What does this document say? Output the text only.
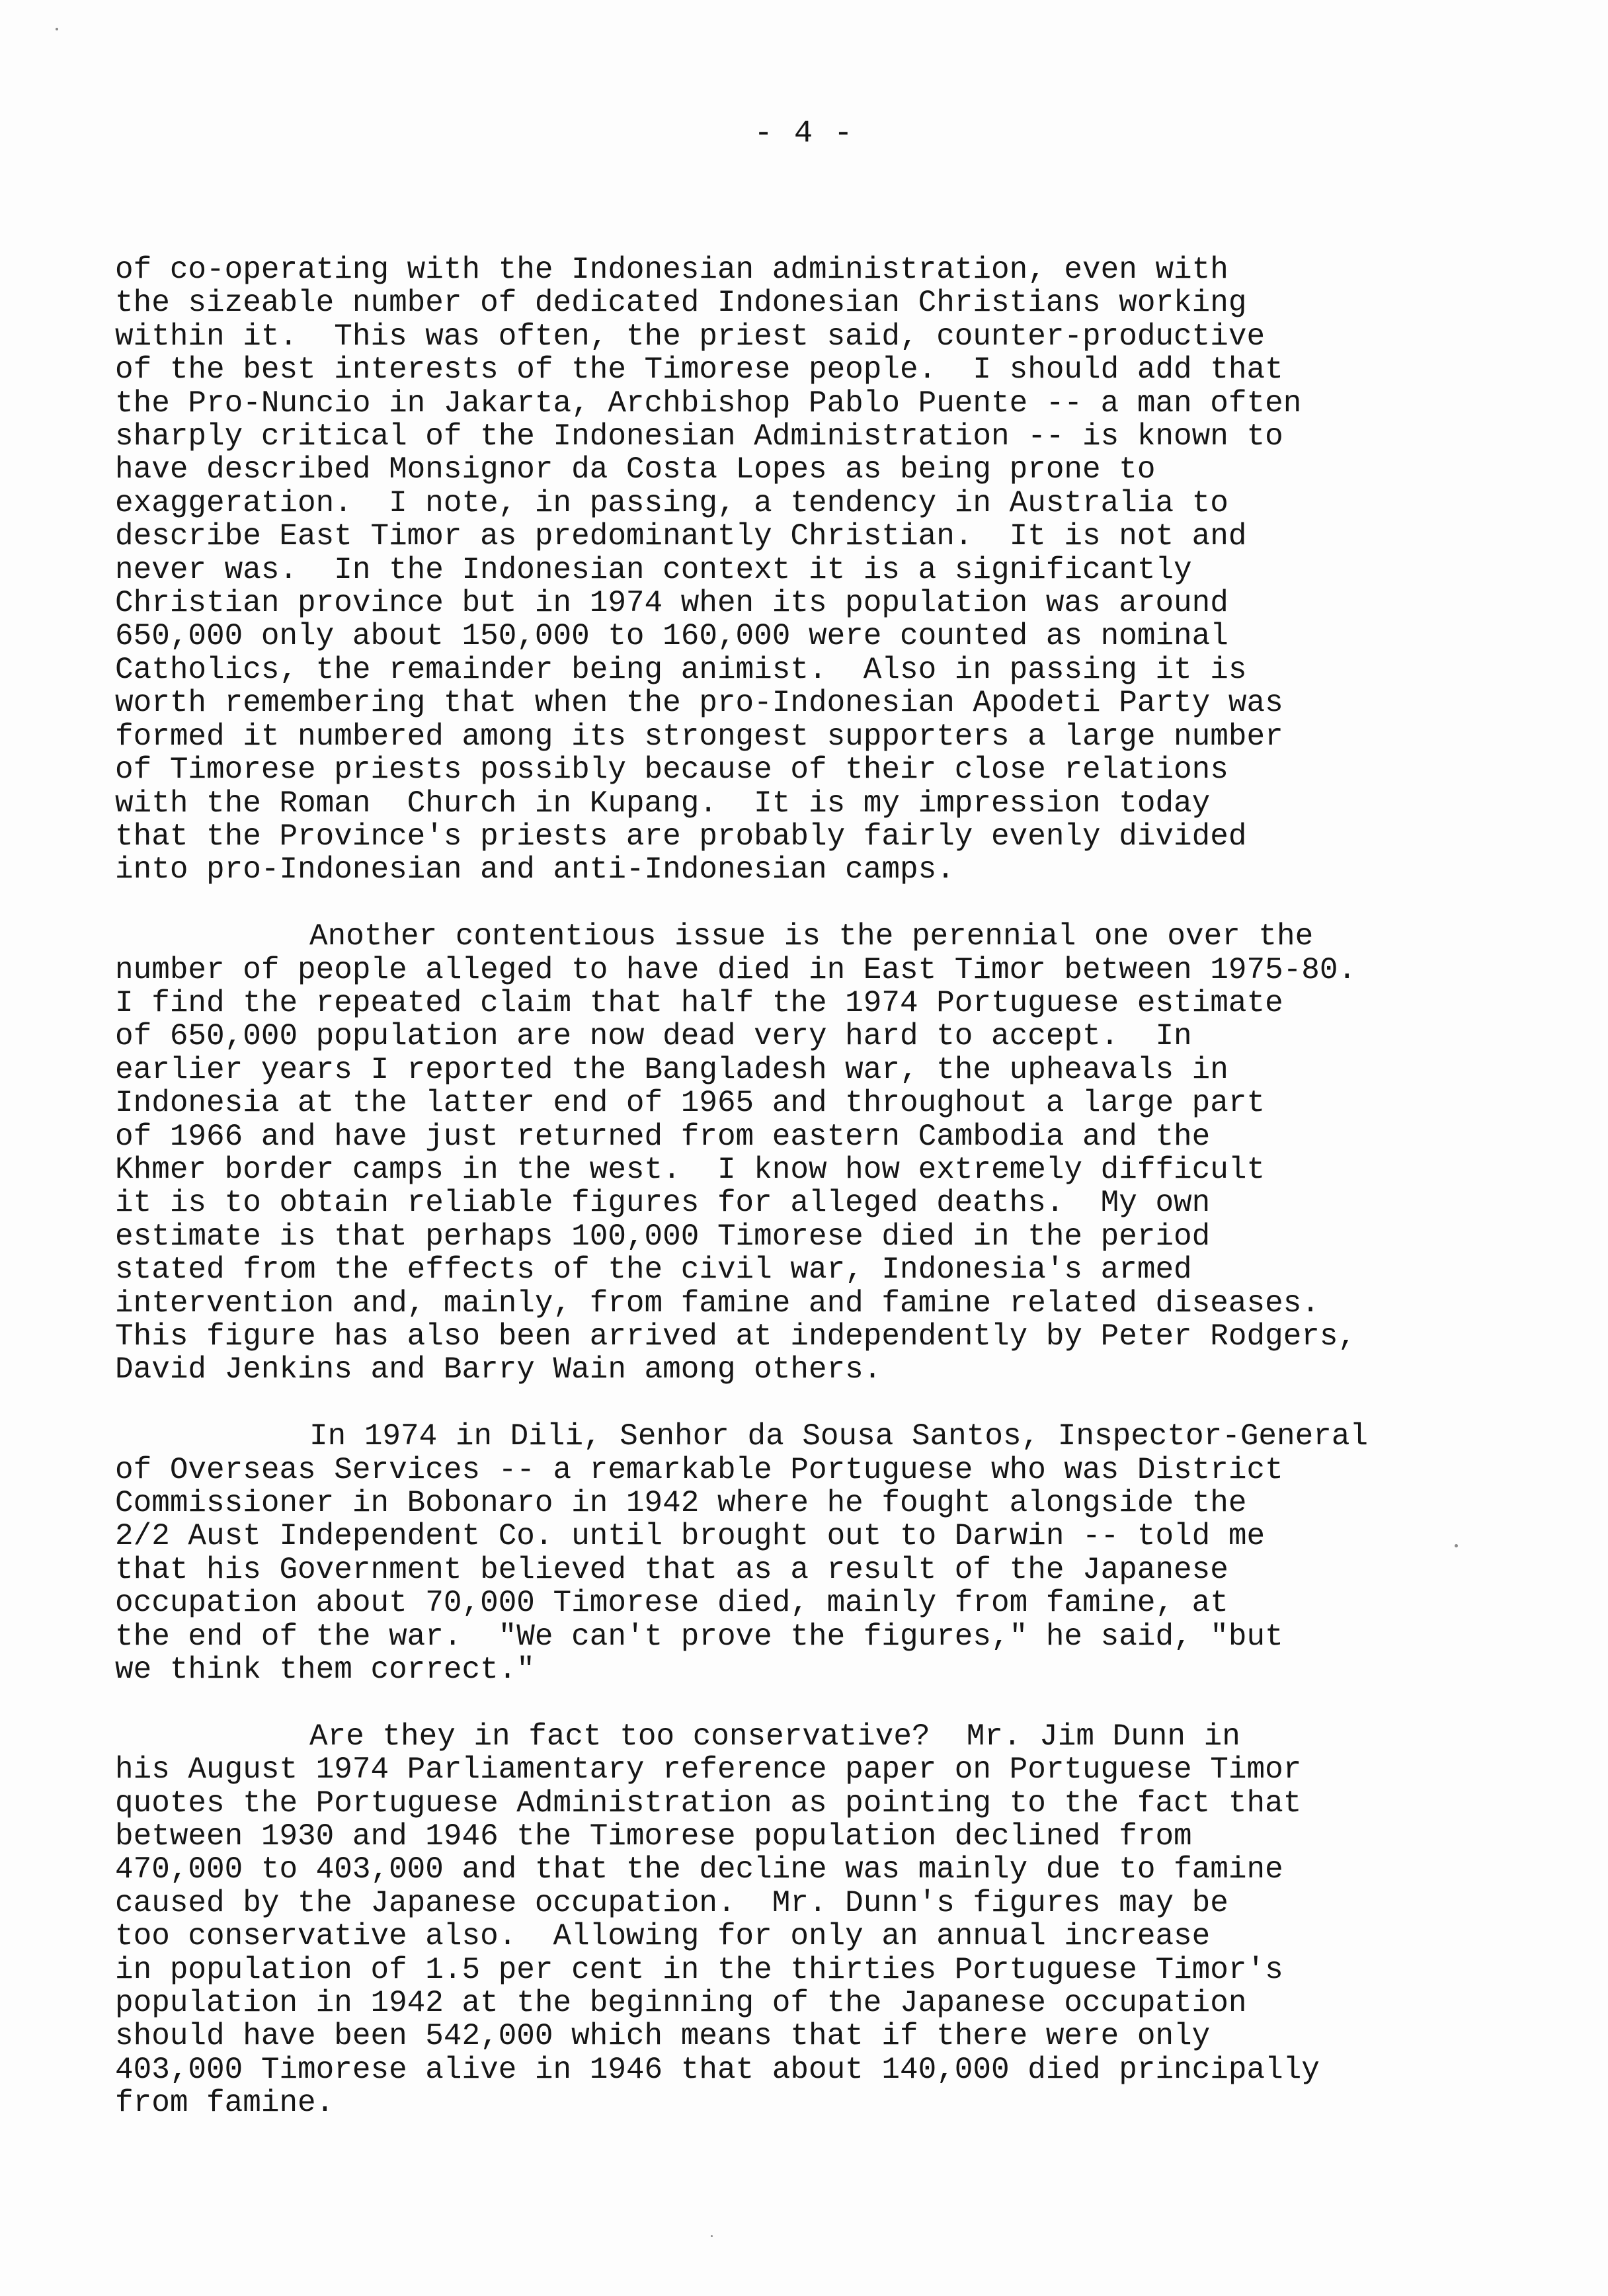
- 4 -
of co-operating with the Indonesian administration, even with
the sizeable number of dedicated Indonesian Christians working
within it.  This was often, the priest said, counter-productive
of the best interests of the Timorese people.  I should add that
the Pro-Nuncio in Jakarta, Archbishop Pablo Puente -- a man often
sharply critical of the Indonesian Administration -- is known to
have described Monsignor da Costa Lopes as being prone to
exaggeration.  I note, in passing, a tendency in Australia to
describe East Timor as predominantly Christian.  It is not and
never was.  In the Indonesian context it is a significantly
Christian province but in 1974 when its population was around
650,000 only about 150,000 to 160,000 were counted as nominal
Catholics, the remainder being animist.  Also in passing it is
worth remembering that when the pro-Indonesian Apodeti Party was
formed it numbered among its strongest supporters a large number
of Timorese priests possibly because of their close relations
with the Roman  Church in Kupang.  It is my impression today
that the Province's priests are probably fairly evenly divided
into pro-Indonesian and anti-Indonesian camps.
Another contentious issue is the perennial one over the
number of people alleged to have died in East Timor between 1975-80.
I find the repeated claim that half the 1974 Portuguese estimate
of 650,000 population are now dead very hard to accept.  In
earlier years I reported the Bangladesh war, the upheavals in
Indonesia at the latter end of 1965 and throughout a large part
of 1966 and have just returned from eastern Cambodia and the
Khmer border camps in the west.  I know how extremely difficult
it is to obtain reliable figures for alleged deaths.  My own
estimate is that perhaps 100,000 Timorese died in the period
stated from the effects of the civil war, Indonesia's armed
intervention and, mainly, from famine and famine related diseases.
This figure has also been arrived at independently by Peter Rodgers,
David Jenkins and Barry Wain among others.
In 1974 in Dili, Senhor da Sousa Santos, Inspector-General
of Overseas Services -- a remarkable Portuguese who was District
Commissioner in Bobonaro in 1942 where he fought alongside the
2/2 Aust Independent Co. until brought out to Darwin -- told me
that his Government believed that as a result of the Japanese
occupation about 70,000 Timorese died, mainly from famine, at
the end of the war.  "We can't prove the figures," he said, "but
we think them correct."
Are they in fact too conservative?  Mr. Jim Dunn in
his August 1974 Parliamentary reference paper on Portuguese Timor
quotes the Portuguese Administration as pointing to the fact that
between 1930 and 1946 the Timorese population declined from
470,000 to 403,000 and that the decline was mainly due to famine
caused by the Japanese occupation.  Mr. Dunn's figures may be
too conservative also.  Allowing for only an annual increase
in population of 1.5 per cent in the thirties Portuguese Timor's
population in 1942 at the beginning of the Japanese occupation
should have been 542,000 which means that if there were only
403,000 Timorese alive in 1946 that about 140,000 died principally
from famine.
